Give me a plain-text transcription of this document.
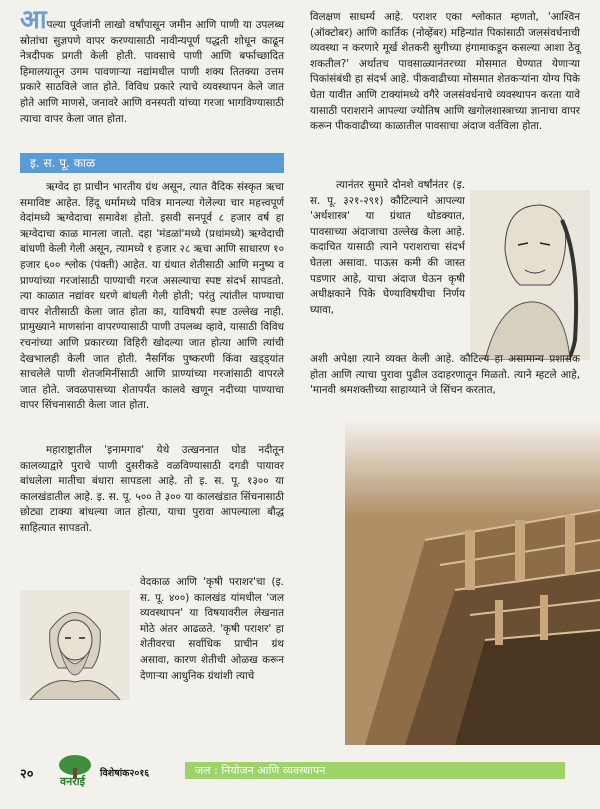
आपल्या पूर्वजांनी लाखो वर्षांपासून जमीन आणि पाणी या उपलब्ध स्रोतांचा सुज्ञपणे वापर करण्यासाठी नावीन्यपूर्ण पद्धती शोधून काढून नेत्रदीपक प्रगती केली होती. पावसाचे पाणी आणि बर्फाच्छादित हिमालयातून उगम पावणाऱ्या नद्यांमधील पाणी शक्य तितक्या उत्तम प्रकारे साठविले जात होते. विविध प्रकारे त्याचे व्यवस्थापन केले जात होते आणि माणसे, जनावरे आणि वनस्पती यांच्या गरजा भागविण्यासाठी त्याचा वापर केला जात होता.

इ. स. पू. काळ

ऋग्वेद हा प्राचीन भारतीय ग्रंथ असून, त्यात वैदिक संस्कृत ऋचा समाविष्ट आहेत. हिंदू धर्मामध्ये पवित्र मानल्या गेलेल्या चार महत्त्वपूर्ण वेदांमध्ये ऋग्वेदाचा समावेश होतो. इसवी सनपूर्व ८ हजार वर्ष हा ऋग्वेदाचा काळ मानला जातो. दहा 'मंडळां'मध्ये (प्रथांमध्ये) ऋग्वेदाची बांधणी केली गेली असून, त्यामध्ये १ हजार २८ ऋचा आणि साधारण १० हजार ६०० श्लोक (पंक्ती) आहेत. या ग्रंथात शेतीसाठी आणि मनुष्य व प्राण्यांच्या गरजांसाठी पाण्याची गरज असल्याचा स्पष्ट संदर्भ सापडतो. त्या काळात नद्यांवर धरणे बांधली गेली होती; परंतु त्यांतील पाण्याचा वापर शेतीसाठी केला जात होता का, याविषयी स्पष्ट उल्लेख नाही. प्रामुख्याने माणसांना वापरण्यासाठी पाणी उपलब्ध व्हावे, यासाठी विविध रचनांच्या आणि प्रकारच्या विहिरी खोदल्या जात होत्या आणि त्यांची देखभालही केली जात होती. नैसर्गिक पुष्करणी किंवा खड्ड्यांत साचलेले पाणी शेतजमिनींसाठी आणि प्राण्यांच्या गरजांसाठी वापरले जात होते. जवळपासच्या शेतापर्यंत कालवे खणून नदीच्या पाण्याचा वापर सिंचनासाठी केला जात होता.

महाराष्ट्रातील 'इनामगाव' येथे उत्खननात घोड नदीतून कालव्याद्वारे पुराचे पाणी दुसरीकडे वळविण्यासाठी दगडी पायावर बांधलेला मातीचा बंधारा सापडला आहे. तो इ. स. पू. १३०० या कालखंडातील आहे. इ. स. पू. ५०० ते ३०० या कालखंडात सिंचनासाठी छोट्या टाक्या बांधल्या जात होत्या, याचा पुरावा आपल्याला बौद्ध साहित्यात सापडतो.

वेदकाळ आणि 'कृषी पराशर'चा (इ. स. पू. ४००) कालखंड यांमधील 'जल व्यवस्थापन' या विषयावरील लेखनात मोठे अंतर आढळते. 'कृषी पराशर' हा शेतीवरचा सर्वाधिक प्राचीन ग्रंथ असावा, कारण शेतीची ओळख करून देणाऱ्या आधुनिक ग्रंथांशी त्याचे

विलक्षण साधर्म्य आहे. पराशर एका श्लोकात म्हणतो, 'आश्विन (ऑक्टोबर) आणि कार्तिक (नोव्हेंबर) महिन्यांत पिकांसाठी जलसंवर्धनाची व्यवस्था न करणारे मूर्ख शेतकरी सुगीच्या हंगामाकडून कसल्या आशा ठेवू शकतील?' अर्थातच पावसाळ्यानंतरच्या मोसमात घेण्यात येणाऱ्या पिकांसंबंधी हा संदर्भ आहे. पीकवाढीच्या मोसमात शेतकऱ्यांना योग्य पिके घेता यावीत आणि टाक्यांमध्ये वगैरे जलसंवर्धनाचे व्यवस्थापन करता यावे यासाठी पराशराने आपल्या ज्योतिष आणि खगोलशास्त्राच्या ज्ञानाचा वापर करून पीकवाढीच्या काळातील पावसाचा अंदाज वर्तविला होता.

त्यानंतर सुमारे दोनशे वर्षांनंतर (इ. स. पू. ३२१-२९१) कौटिल्याने आपल्या 'अर्थशास्त्र' या ग्रंथात थोडक्यात, पावसाच्या अंदाजाचा उल्लेख केला आहे. कदाचित यासाठी त्याने पराशराचा संदर्भ घेतला असावा. पाऊस कमी की जास्त पडणार आहे, याचा अंदाज घेऊन कृषी अधीक्षकाने पिके घेण्याविषयीचा निर्णय घ्यावा,

अशी अपेक्षा त्याने व्यक्त केली आहे. कौटिल्य हा असामान्य प्रशासक होता आणि त्याचा पुरावा पुढील उदाहरणातून मिळतो. त्याने म्हटले आहे, 'मानवी श्रमशक्तीच्या साहाय्याने जे सिंचन करतात,

२० वनराई
विशेषांक२०१६	जल : नियोजन आणि व्यवस्थापन
